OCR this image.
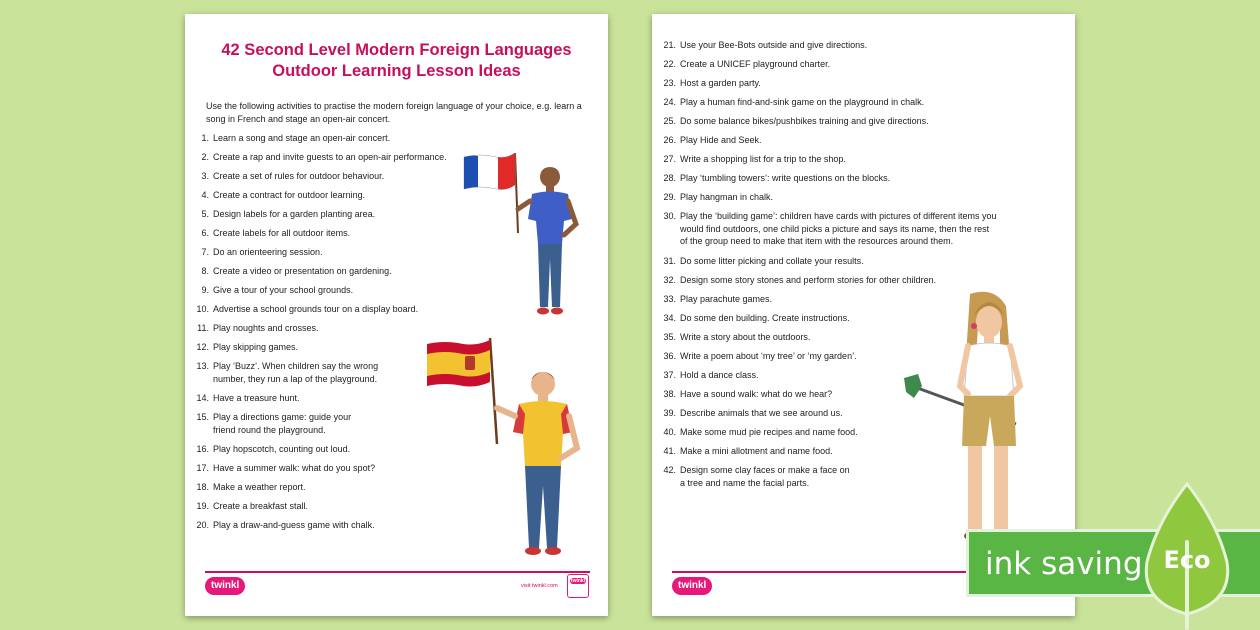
42 Second Level Modern Foreign Languages
Outdoor Learning Lesson Ideas
Use the following activities to practise the modern foreign language of your choice, e.g. learn a
song in French and stage an open-air concert.
1. Learn a song and stage an open-air concert.
2. Create a rap and invite guests to an open-air performance.
3. Create a set of rules for outdoor behaviour.
4. Create a contract for outdoor learning.
5. Design labels for a garden planting area.
6. Create labels for all outdoor items.
7. Do an orienteering session.
8. Create a video or presentation on gardening.
9. Give a tour of your school grounds.
10. Advertise a school grounds tour on a display board.
11. Play noughts and crosses.
12. Play skipping games.
13. Play ‘Buzz’. When children say the wrong
number, they run a lap of the playground.
14. Have a treasure hunt.
15. Play a directions game: guide your
friend round the playground.
16. Play hopscotch, counting out loud.
17. Have a summer walk: what do you spot?
18. Make a weather report.
19. Create a breakfast stall.
20. Play a draw-and-guess game with chalk.
twinkl	visit twinkl.com
twinkl
21. Use your Bee-Bots outside and give directions.
22. Create a UNICEF playground charter.
23. Host a garden party.
24. Play a human find-and-sink game on the playground in chalk.
25. Do some balance bikes/pushbikes training and give directions.
26. Play Hide and Seek.
27. Write a shopping list for a trip to the shop.
28. Play ‘tumbling towers’: write questions on the blocks.
29. Play hangman in chalk.
30. Play the ‘building game’: children have cards with pictures of different items you
would find outdoors, one child picks a picture and says its name, then the rest
of the group need to make that item with the resources around them.
31. Do some litter picking and collate your results.
32. Design some story stones and perform stories for other children.
33. Play parachute games.
34. Do some den building. Create instructions.
35. Write a story about the outdoors.
36. Write a poem about ‘my tree’ or ‘my garden’.
37. Hold a dance class.
38. Have a sound walk: what do we hear?
39. Describe animals that we see around us.
40. Make some mud pie recipes and name food.
41. Make a mini allotment and name food.
42. Design some clay faces or make a face on
a tree and name the facial parts.
twinkl
ink saving Eco
